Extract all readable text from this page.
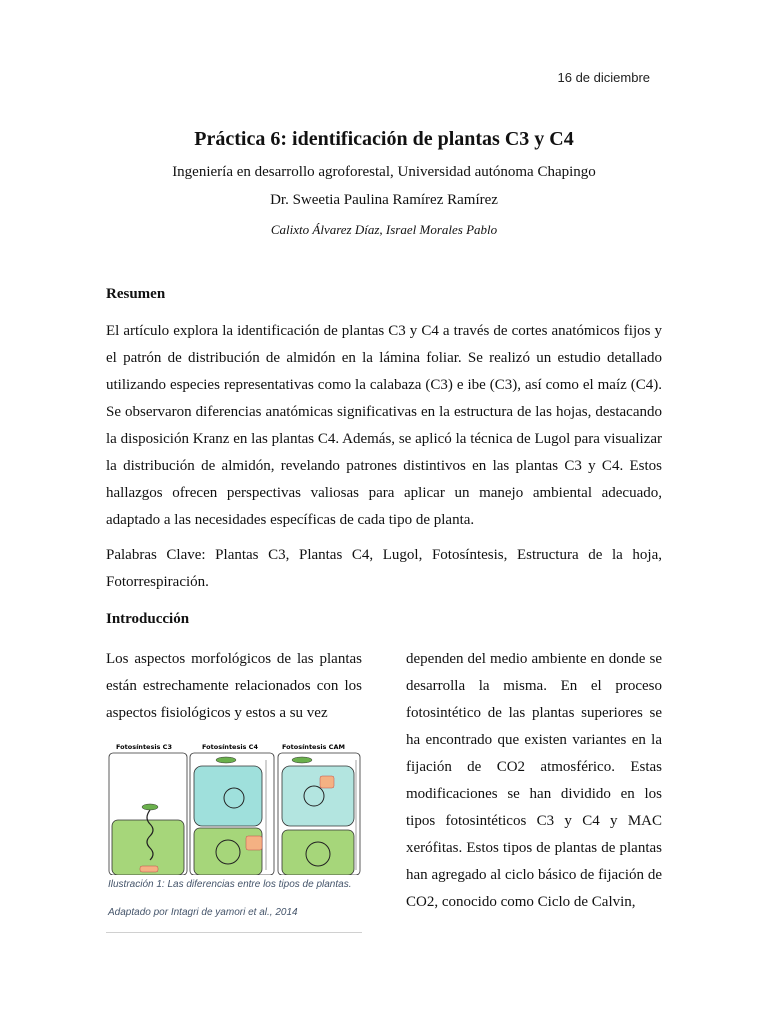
16 de diciembre
Práctica 6: identificación de plantas C3 y C4
Ingeniería en desarrollo agroforestal, Universidad autónoma Chapingo
Dr. Sweetia Paulina Ramírez Ramírez
Calixto Álvarez Díaz, Israel Morales Pablo
Resumen

El artículo explora la identificación de plantas C3 y C4 a través de cortes anatómicos fijos y el patrón de distribución de almidón en la lámina foliar. Se realizó un estudio detallado utilizando especies representativas como la calabaza (C3) e ibe (C3), así como el maíz (C4). Se observaron diferencias anatómicas significativas en la estructura de las hojas, destacando la disposición Kranz en las plantas C4. Además, se aplicó la técnica de Lugol para visualizar la distribución de almidón, revelando patrones distintivos en las plantas C3 y C4. Estos hallazgos ofrecen perspectivas valiosas para aplicar un manejo ambiental adecuado, adaptado a las necesidades específicas de cada tipo de planta.

Palabras Clave: Plantas C3, Plantas C4, Lugol, Fotosíntesis, Estructura de la hoja, Fotorrespiración.

Introducción

Los aspectos morfológicos de las plantas están estrechamente relacionados con los aspectos fisiológicos y estos a su vez

dependen del medio ambiente en donde se desarrolla la misma. En el proceso fotosintético de las plantas superiores se ha encontrado que existen variantes en la fijación de CO2 atmosférico. Estas modificaciones se han dividido en los tipos fotosintéticos C3 y C4 y MAC xerófitas. Estos tipos de plantas de plantas han agregado al ciclo básico de fijación de CO2, conocido como Ciclo de Calvin,

Fotosíntesis C3	Fotosíntesis C4	Fotosíntesis CAM
Ilustración 1: Las diferencias entre los tipos de plantas.
Adaptado por Intagri de yamori et al., 2014
